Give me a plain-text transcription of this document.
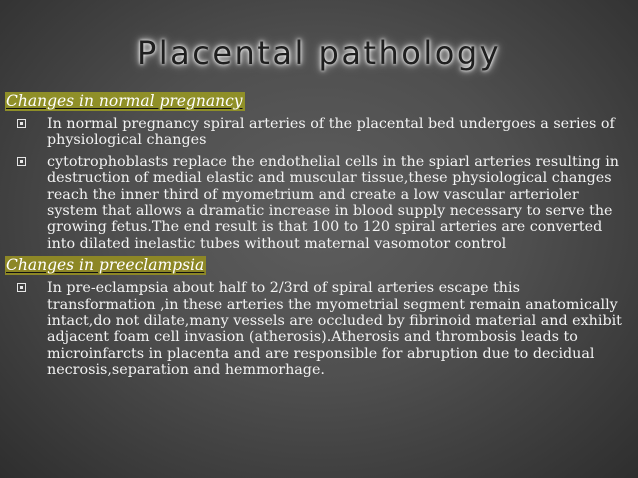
Placental pathology
Changes in normal pregnancy
In normal pregnancy spiral arteries of the placental bed undergoes a series of physiological changes
cytotrophoblasts replace the endothelial cells in the spiarl arteries resulting in destruction of medial elastic and muscular tissue,these physiological changes reach the inner third of myometrium and create a low vascular arterioler system that allows a dramatic increase in blood supply necessary to serve the growing fetus.The end result is that 100 to 120 spiral arteries are converted into dilated inelastic tubes without maternal vasomotor control
Changes in preeclampsia
In pre-eclampsia about half to 2/3rd of spiral arteries escape this transformation ,in these arteries the myometrial segment remain anatomically intact,do not dilate,many vessels are occluded by fibrinoid material and exhibit adjacent foam cell invasion (atherosis).Atherosis and thrombosis leads to microinfarcts in placenta and are responsible for abruption due to decidual necrosis,separation and hemmorhage.
